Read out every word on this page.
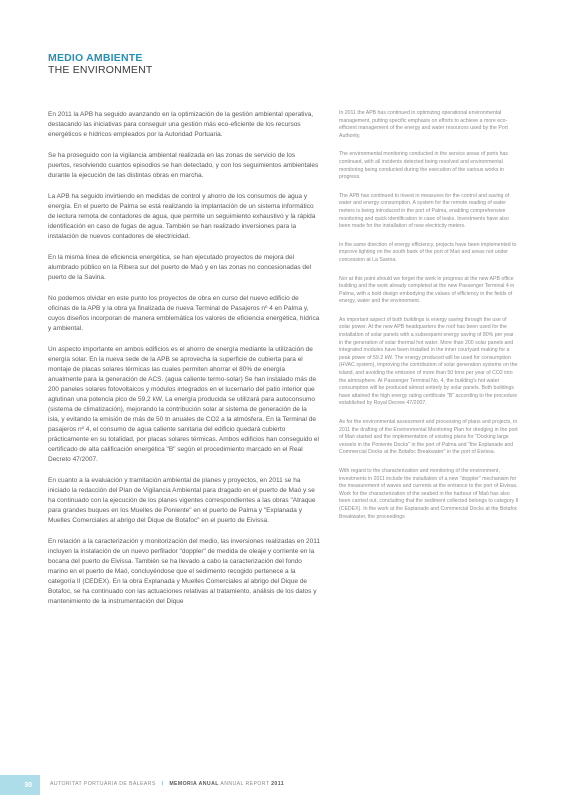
MEDIO AMBIENTE
THE ENVIRONMENT

En 2011 la APB ha seguido avanzando en la optimización de la gestión ambiental operativa, destacando las iniciativas para conseguir una gestión más eco-eficiente de los recursos energéticos e hídricos empleados por la Autoridad Portuaria.

Se ha proseguido con la vigilancia ambiental realizada en las zonas de servicio de los puertos, resolviendo cuantos episodios se han detectado, y con los seguimientos ambientales durante la ejecución de las distintas obras en marcha.

La APB ha seguido invirtiendo en medidas de control y ahorro de los consumos de agua y energía. En el puerto de Palma se está realizando la implantación de un sistema informático de lectura remota de contadores de agua, que permite un seguimiento exhaustivo y la rápida identificación en caso de fugas de agua. También se han realizado inversiones para la instalación de nuevos contadores de electricidad.

En la misma línea de eficiencia energética, se han ejecutado proyectos de mejora del alumbrado público en la Ribera sur del puerto de Maó y en las zonas no concesionadas del puerto de la Savina.

No podemos olvidar en este punto los proyectos de obra en curso del nuevo edificio de oficinas de la APB y la obra ya finalizada de nueva Terminal de Pasajeros nº 4 en Palma y, cuyos diseños incorporan de manera emblemática los valores de eficiencia energética, hídrica y ambiental.

Un aspecto importante en ambos edificios es el ahorro de energía mediante la utilización de energía solar. En la nueva sede de la APB se aprovecha la superficie de cubierta para el montaje de placas solares térmicas las cuales permiten ahorrar el 80% de energía anualmente para la generación de ACS. (agua caliente termo-solar) Se han instalado más de 200 paneles solares fotovoltaicos y módulos integrados en el lucernario del patio interior que aglutinan una potencia pico de 59,2 kW. La energía producida se utilizará para autoconsumo (sistema de climatización), mejorando la contribución solar al sistema de generación de la isla, y evitando la emisión de más de 50 tn anuales de CO2 a la atmósfera. En la Terminal de pasajeros nº 4, el consumo de agua caliente sanitaria del edificio quedará cubierto prácticamente en su totalidad, por placas solares térmicas. Ambos edificios han conseguido el certificado de alta calificación energética "B" según el procedimiento marcado en el Real Decreto 47/2007.

En cuanto a la evaluación y tramitación ambiental de planes y proyectos, en 2011 se ha iniciado la redacción del Plan de Vigilancia Ambiental para dragado en el puerto de Maó y se ha continuado con la ejecución de los planes vigentes correspondientes a las obras "Atraque para grandes buques en los Muelles de Poniente" en el puerto de Palma y "Explanada y Muelles Comerciales al abrigo del Dique de Botafoc" en el puerto de Eivissa.

En relación a la caracterización y monitorización del medio, las inversiones realizadas en 2011 incluyen la instalación de un nuevo perfilador "doppler" de medida de oleaje y corriente en la bocana del puerto de Eivissa. También se ha llevado a cabo la caracterización del fondo marino en el puerto de Maó, concluyéndose que el sedimento recogido pertenece a la categoría II (CEDEX). En la obra Explanada y Muelles Comerciales al abrigo del Dique de Botafoc, se ha continuado con las actuaciones relativas al tratamiento, análisis de los datos y mantenimiento de la instrumentación del Dique

In 2011 the APB has continued in optimizing operational environmental management, putting specific emphasis on efforts to achieve a more eco-efficient management of the energy and water resources used by the Port Authority.

The environmental monitoring conducted in the service areas of ports has continued, with all incidents detected being resolved and environmental monitoring being conducted during the execution of the various works in progress.

The APB has continued to invest in measures for the control and saving of water and energy consumption. A system for the remote reading of water meters is being introduced in the port of Palma, enabling comprehensive monitoring and quick identification in case of leaks. Investments have also been made for the installation of new electricity meters.

In the same direction of energy efficiency, projects have been implemented to improve lighting on the south bank of the port of Maó and areas not under concession at La Savina.

Nor at this point should we forget the work in progress at the new APB office building and the work already completed at the new Passenger Terminal 4 in Palma, with a bold design embodying the values of efficiency in the fields of energy, water and the environment.

An important aspect of both buildings is energy saving through the use of solar power. At the new APB headquarters the roof has been used for the installation of solar panels with a subsequent energy saving of 80% per year in the generation of solar thermal hot water. More than 200 solar panels and integrated modules have been installed in the inner courtyard making for a peak power of 59.2 kW. The energy produced will be used for consumption (HVAC system), improving the contribution of solar generation systems on the island, and avoiding the emission of more than 50 tons per year of CO2 into the atmosphere. At Passenger Terminal No. 4, the building's hot water consumption will be produced almost entirely by solar panels. Both buildings have attained the high energy rating certificate "B" according to the procedure established by Royal Decree 47/2007.

As for the environmental assessment and processing of plans and projects, in 2011 the drafting of the Environmental Monitoring Plan for dredging in the port of Maó started and the implementation of existing plans for "Docking large vessels in the Poniente Docks" in the port of Palma and "the Esplanade and Commercial Docks at the Botafoc Breakwater" in the port of Eivissa.

With regard to the characterization and monitoring of the environment, investments in 2011 include the installation of a new "doppler" mechanism for the measurement of waves and currents at the entrance to the port of Eivissa. Work for the characterization of the seabed in the harbour of Maó has also been carried out, concluding that the sediment collected belongs to category II (CEDEX). In the work at the Esplanade and Commercial Docks at the Botafoc Breakwater, the proceedings

30	AUTORITAT PORTUÀRIA DE BALEARS I MEMORIA ANUAL ANNUAL REPORT 2011
